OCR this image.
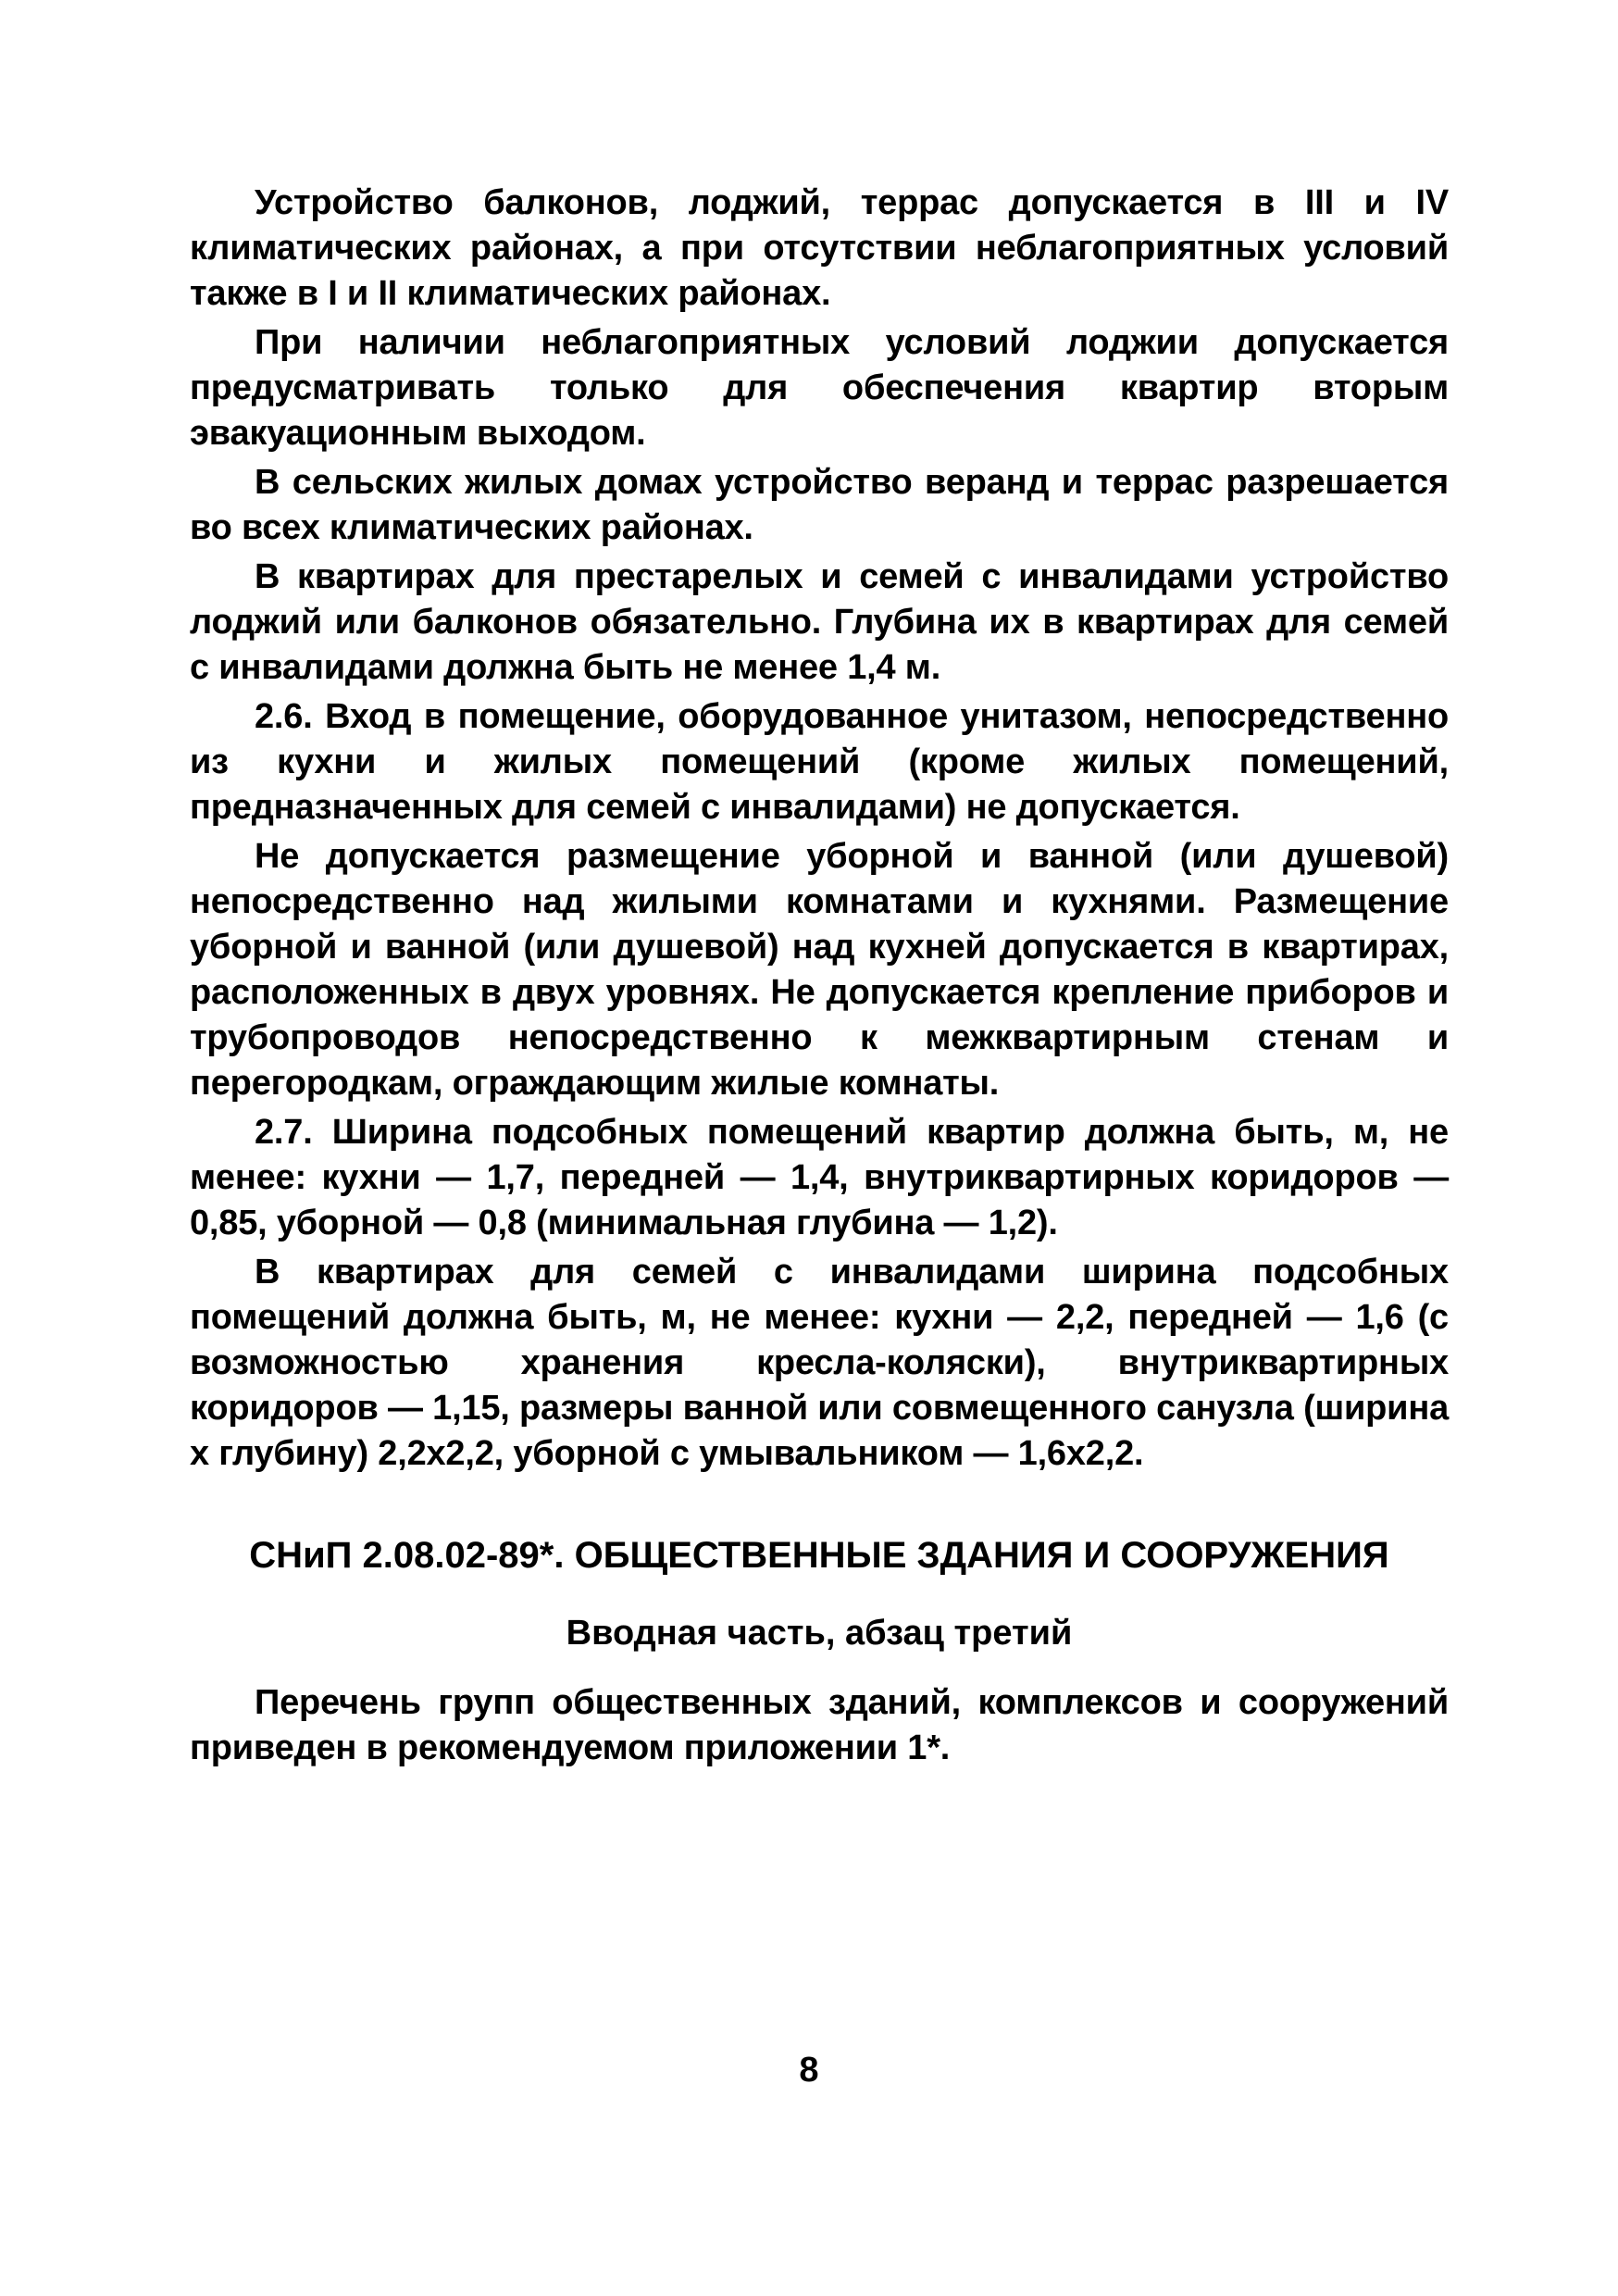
Устройство балконов, лоджий, террас допускается в III и IV климатических районах, а при отсутствии неблагоприятных условий также в I и II климатических районах.

При наличии неблагоприятных условий лоджии допускается предусматривать только для обеспечения квартир вторым эвакуационным выходом.

В сельских жилых домах устройство веранд и террас разрешается во всех климатических районах.

В квартирах для престарелых и семей с инвалидами устройство лоджий или балконов обязательно. Глубина их в квартирах для семей с инвалидами должна быть не менее 1,4 м.

2.6. Вход в помещение, оборудованное унитазом, непосредственно из кухни и жилых помещений (кроме жилых помещений, предназначенных для семей с инвалидами) не допускается.

Не допускается размещение уборной и ванной (или душевой) непосредственно над жилыми комнатами и кухнями. Размещение уборной и ванной (или душевой) над кухней допускается в квартирах, расположенных в двух уровнях. Не допускается крепление приборов и трубопроводов непосредственно к межквартирным стенам и перегородкам, ограждающим жилые комнаты.

2.7. Ширина подсобных помещений квартир должна быть, м, не менее: кухни — 1,7, передней — 1,4, внутриквартирных коридоров — 0,85, уборной — 0,8 (минимальная глубина — 1,2).

В квартирах для семей с инвалидами ширина подсобных помещений должна быть, м, не менее: кухни — 2,2, передней — 1,6 (с возможностью хранения кресла-коляски), внутриквартирных коридоров — 1,15, размеры ванной или совмещенного санузла (ширина х глубину) 2,2х2,2, уборной с умывальником — 1,6х2,2.

СНиП 2.08.02-89*. ОБЩЕСТВЕННЫЕ ЗДАНИЯ И СООРУЖЕНИЯ
Вводная часть, абзац третий

Перечень групп общественных зданий, комплексов и сооружений приведен в рекомендуемом приложении 1*.

8
